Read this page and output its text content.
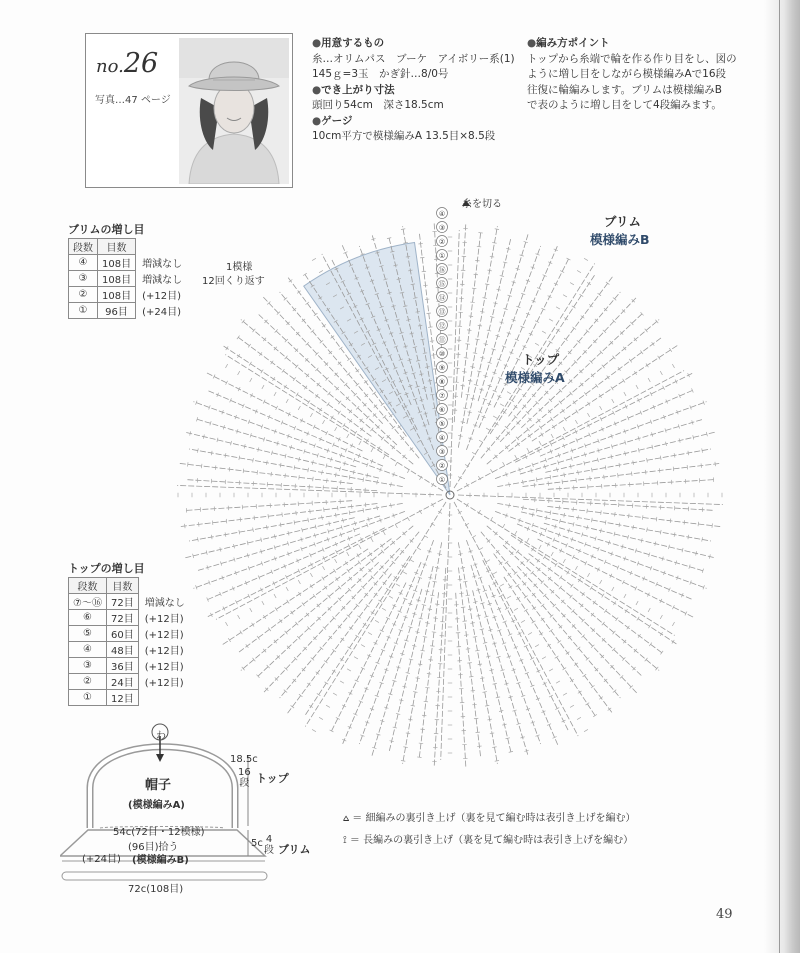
no.26
写真…47 ページ
●用意するもの
糸…オリムパス　ブーケ　アイボリー系(1)
145ｇ=3玉　かぎ針…8/0号
●でき上がり寸法
頭回り54cm　深さ18.5cm
●ゲージ
10cm平方で模様編みA 13.5目×8.5段
●編み方ポイント
トップから糸端で輪を作る作り目をし、図の
ように増し目をしながら模様編みAで16段
往復に輪編みします。ブリムは模様編みB
で表のように増し目をして4段編みます。
ブリムの増し目
段数	目数	
④	108目	増減なし
③	108目	増減なし
②	108目	(+12目)
①	96目	(+24目)
トップの増し目
段数	目数	
⑦～⑯	72目	増減なし
⑥	72目	(+12目)
⑤	60目	(+12目)
④	48目	(+12目)
③	36目	(+12目)
②	24目	(+12目)
①	12目	
④
③
②
①
⑯
⑮
⑭
⑬
⑫
⑪
⑩
⑨
⑧
⑦
⑥
⑤
④
③
②
①
糸を切る
1模様
12回くり返す
ブリム
模様編みB
トップ
模様編みA
わ
帽子
(模様編みA)
18.5c
16
段 トップ
54c(72目・12模様)
(96目)拾う
(+24目) (模様編みB)
5c 4
段 ブリム
72c(108目)
⩟ ＝ 細編みの裏引き上げ（裏を見て編む時は表引き上げを編む）
⟟ ＝ 長編みの裏引き上げ（裏を見て編む時は表引き上げを編む）
49
